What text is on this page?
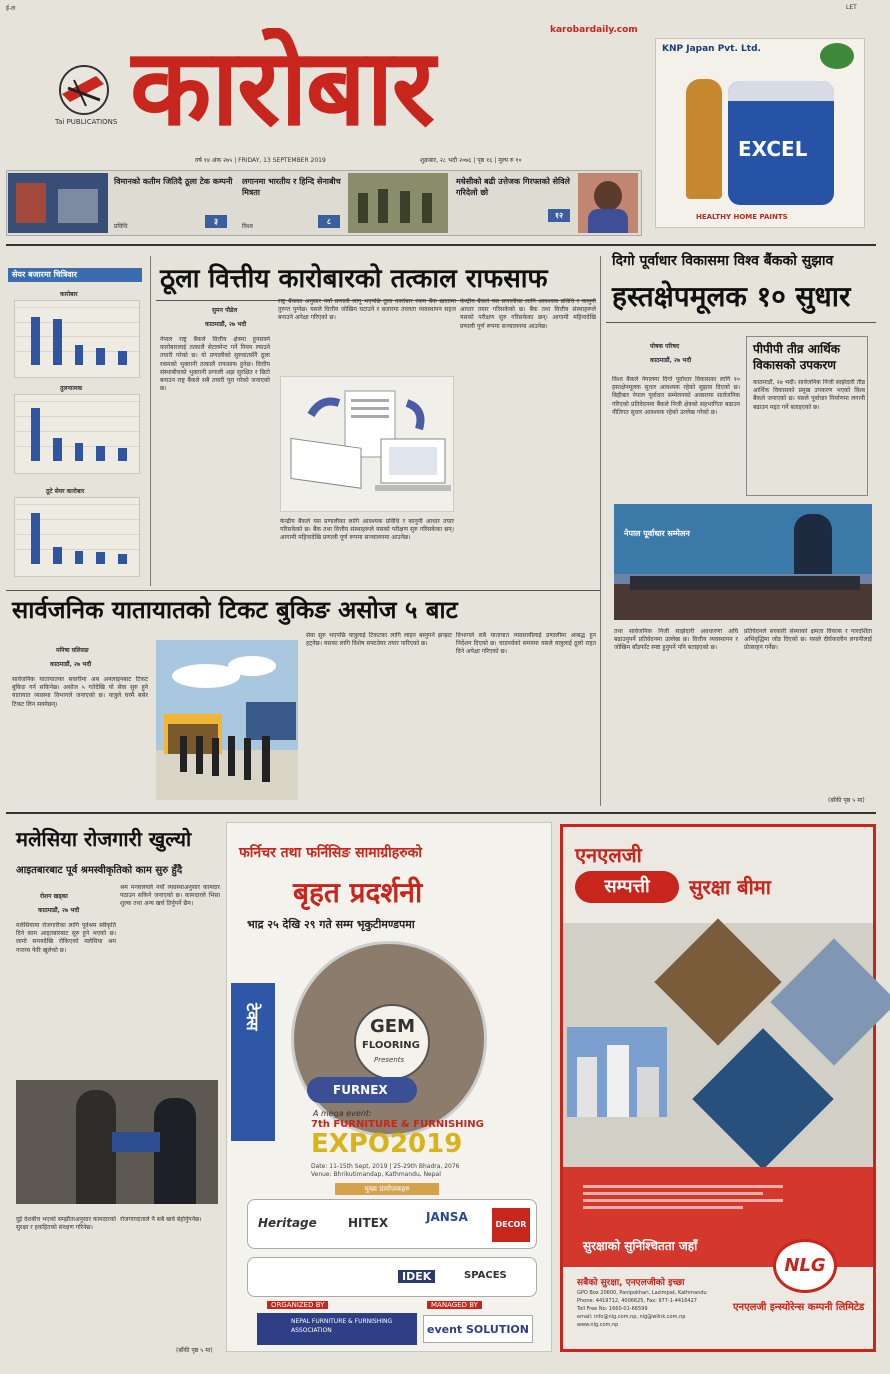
ई-ल	LET
Tai PUBLICATIONS कारोबार	karobardaily.com
वर्ष १४ अंक २७५ | FRIDAY, 13 SEPTEMBER 2019	शुक्रबार, २८ भदौ २०७६ | पृष्ठ १६ | मूल्य रु १०
KNP Japan Pvt. Ltd.
EXCEL
HEALTHY HOME PAINTS
विमानको कतीम जितिदै ठूला टेक कम्पनी
प्रविधि
३
लगानमा भारतीय र हिन्दि सेनाबीच मित्रता
विश्व
८
मधेसीको बढी उत्तेजक गिरफ्तको सेविले गरिदेलो छो
१२
सेयर बजारमा चित्रिवार
कारोबार
तुलनात्मक
ठूटे सेयर कारोबार
ठूला वित्तीय कारोबारको तत्काल राफसाफ
सुमन पौडेल
काठमाडौं, २७ भदौ
नेपाल राष्ट्र बैंकले वित्तीय क्षेत्रमा हुनसक्ने कारोबारलाई तत्कालै सेटलमेन्ट गर्ने नियम ल्याउने तयारी गरेको छ। यो प्रणालीको सुरुवातसँगै ठूला रकमको भुक्तानी तत्कालै राफसाफ हुनेछ। वित्तीय संस्थाबीचको भुक्तानी प्रणाली अझ सुरक्षित र छिटो बनाउन राष्ट्र बैंकले सबै तयारी पूरा गरेको जनाएको छ।
राष्ट्र बैंकका अनुसार नयाँ प्रणाली लागू भएपछि ठूला कारोबार रकम बैंक खातामा तुरुन्त पुग्नेछ। यसले वित्तीय जोखिम घटाउने र बजारमा तरलता व्यवस्थापन सहज बनाउने अपेक्षा गरिएको छ।
केन्द्रीय बैंकले यस प्रणालीका लागि आवश्यक प्रविधि र कानुनी आधार तयार गरिसकेको छ। बैंक तथा वित्तीय संस्थाहरूले यसको परीक्षण सुरु गरिसकेका छन्। आगामी महिनादेखि प्रणाली पूर्ण रूपमा सञ्चालनमा आउनेछ।
केन्द्रीय बैंकले यस प्रणालीका लागि आवश्यक प्रविधि र कानुनी आधार तयार गरिसकेको छ। बैंक तथा वित्तीय संस्थाहरूले यसको परीक्षण सुरु गरिसकेका छन्। आगामी महिनादेखि प्रणाली पूर्ण रूपमा सञ्चालनमा आउनेछ।
दिगो पूर्वाधार विकासमा विश्व बैंकको सुझाव
हस्तक्षेपमूलक १० सुधार
पोषक परिषद
काठमाडौं, २७ भदौ
विश्व बैंकले नेपालमा दिगो पूर्वाधार विकासका लागि १० हस्तक्षेपमूलक सुधार आवश्यक रहेको सुझाव दिएको छ। बिहीबार नेपाल पूर्वाधार सम्मेलनको अवसरमा सार्वजनिक गरिएको प्रतिवेदनमा बैंकले निजी क्षेत्रको सहभागिता बढाउन नीतिगत सुधार आवश्यक रहेको उल्लेख गरेको छ।
पीपीपी तीव्र आर्थिक विकासको उपकरण
काठमाडौं, २७ भदौ। सार्वजनिक निजी साझेदारी तीव्र आर्थिक विकासको प्रमुख उपकरण भएको विश्व बैंकले जनाएको छ। यसले पूर्वाधार निर्माणमा लगानी बढाउन मद्दत गर्ने बताइएको छ।
नेपाल पूर्वाधार सम्मेलन
तथा सार्वजनिक निजी साझेदारी अवधारणा अघि बढाउनुपर्ने प्रतिवेदनमा उल्लेख छ। वित्तीय व्यवस्थापन र जोखिम बाँडफाँट स्पष्ट हुनुपर्ने पनि बताइएको छ।
प्रतिवेदनले सरकारी संस्थाको क्षमता विकास र पारदर्शिता अभिवृद्धिमा जोड दिएको छ। यसले दीर्घकालीन लगानीलाई प्रोत्साहन गर्नेछ।
(बाँकी पृष्ठ ५ मा)
सार्वजनिक यातायातको टिकट बुकिङ असोज ५ बाट
मनिषा घलिसङ
काठमाडौं, २७ भदौ
सार्वजनिक यातायातका सवारीमा अब अनलाइनबाट टिकट बुकिङ गर्न सकिनेछ। असोज ५ गतेदेखि यो सेवा सुरु हुने यातायात व्यवस्था विभागले जनाएको छ। यात्रुले घरमै बसेर टिकट लिन सक्नेछन्।
सेवा सुरु भएपछि यात्रुलाई टिकटका लागि लाइन बस्नुपर्ने झन्झट हट्नेछ। यसका लागि विशेष सफ्टवेयर तयार पारिएको छ।
विभागले सबै यातायात व्यवसायीलाई प्रणालीमा आबद्ध हुन निर्देशन दिएको छ। चाडपर्वको समयमा यसले यात्रुलाई ठूलो राहत दिने अपेक्षा गरिएको छ।
मलेसिया रोजगारी खुल्यो
आइतबारबाट पूर्व श्रमस्वीकृतिको काम सुरु हुँदै
रोशन खड्का
काठमाडौं, २७ भदौ
मलेसियामा रोजगारीका लागि पूर्वश्रम स्वीकृति दिने काम आइतबारबाट सुरु हुने भएको छ। लामो समयदेखि रोकिएको मलेसिया श्रम गन्तव्य फेरि खुलेको छ।
श्रम मन्त्रालयले नयाँ व्यवस्थाअनुसार कामदार पठाउन सकिने जनाएको छ। कामदारले भिसा शुल्क तथा अन्य खर्च तिर्नुपर्ने छैन।
दुई देशबीच भएको सम्झौताअनुसार कामदारको सुरक्षा र हकहितको संरक्षण गरिनेछ।
रोजगारदाताले नै सबै खर्च बेहोर्नुपर्नेछ।
(बाँकी पृष्ठ ५ मा)
फर्निचर तथा फर्निसिङ सामाग्रीहरुको
बृहत प्रदर्शनी
भाद्र २५ देखि २९ गते सम्म भृकुटीमण्डपमा
टेक्स	GEM
FLOORING
Presents
FURNEX
A mega event:
7th FURNITURE & FURNISHING
EXPO2019
Date: 11-15th Sept, 2019 | 25-29th Bhadra, 2076
Venue: Bhrikutimandap, Kathmandu, Nepal
मुख्य प्रायोजकहरु
Heritage	HITEX	JANSA
DECOR
IDEK	SPACES
ORGANIZED BY	MANAGED BY
NEPAL FURNITURE & FURNISHING ASSOCIATION	event SOLUTION
एनएलजी
सम्पत्ती	सुरक्षा बीमा
सुरक्षाको सुनिश्चितता जहाँ
सबैको सुरक्षा, एनएलजीको इच्छा
GPO Box 20600, Panipokhari, Lazimpat, Kathmandu
Phone: 4419712, 4006625, Fax: 977-1-4416427
Toll Free No: 1660-01-66599
email: info@nlg.com.np, nlg@wlink.com.np
www.nlg.com.np
NLG
एनएलजी इन्स्योरेन्स कम्पनी लिमिटेड
